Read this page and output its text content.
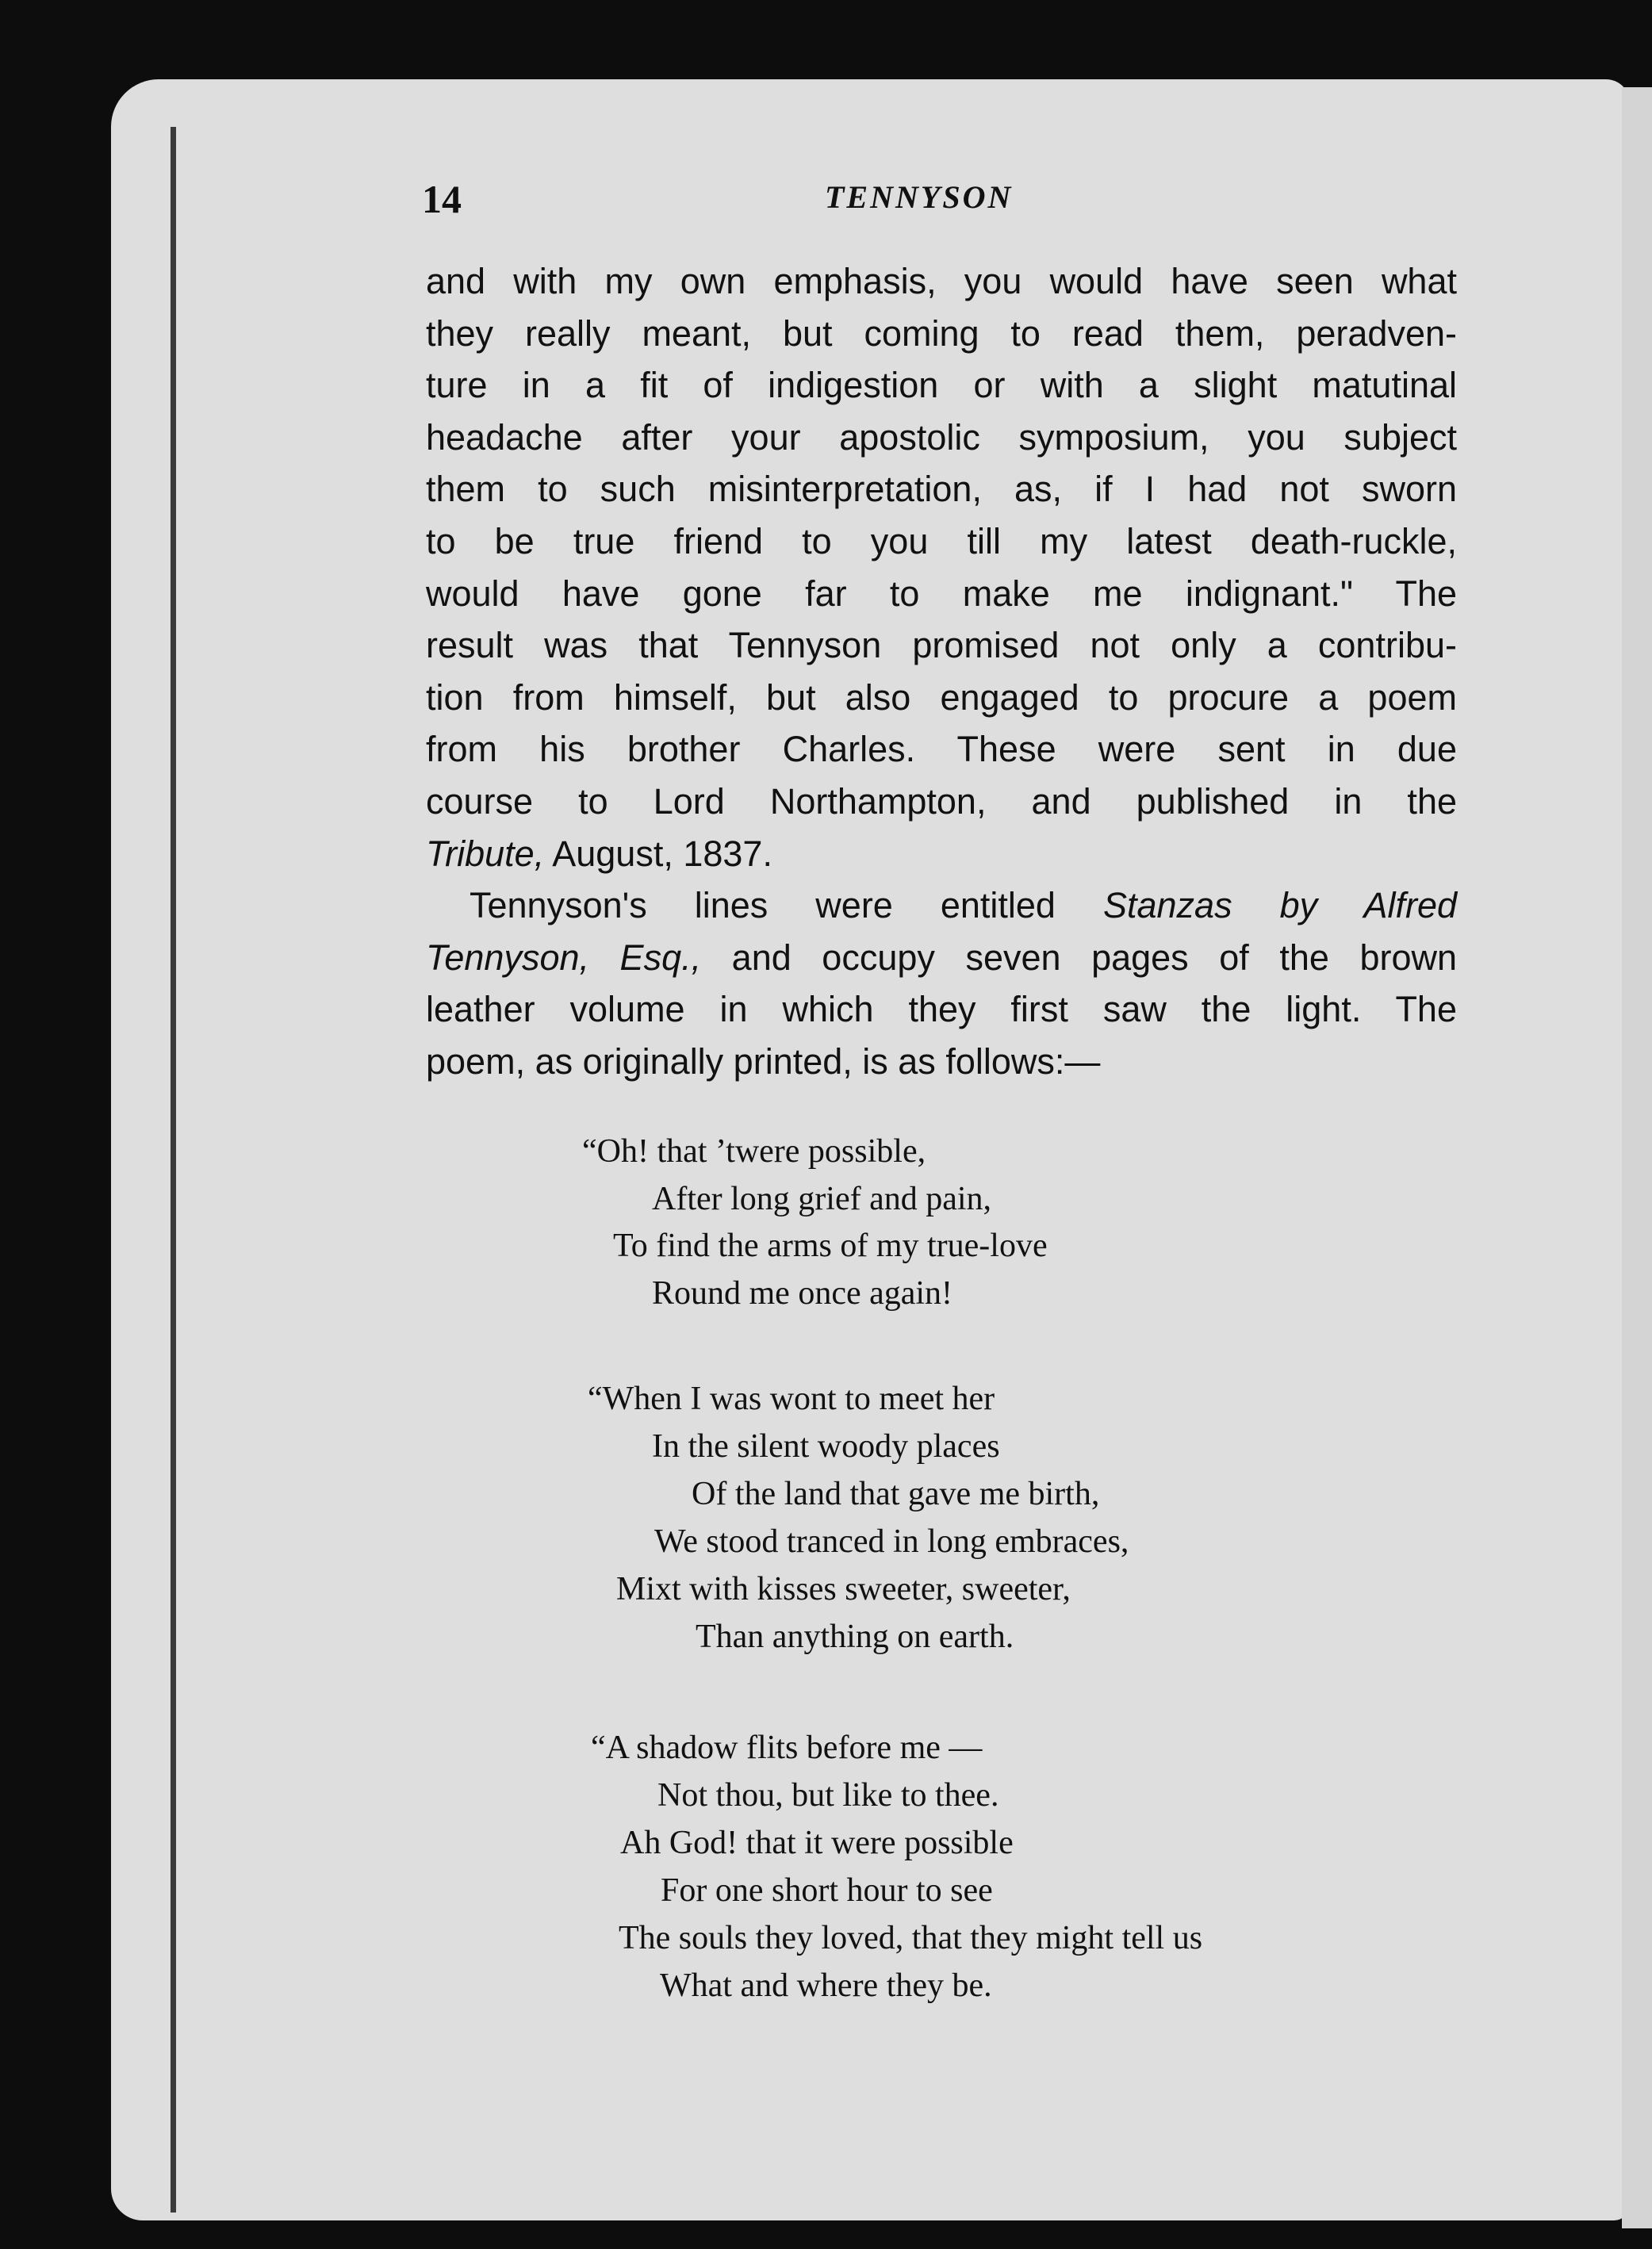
14	TENNYSON
and with my own emphasis, you would have seen what
they really meant, but coming to read them, peradven-
ture in a fit of indigestion or with a slight matutinal
headache after your apostolic symposium, you subject
them to such misinterpretation, as, if I had not sworn
to be true friend to you till my latest death-ruckle,
would have gone far to make me indignant." The
result was that Tennyson promised not only a contribu-
tion from himself, but also engaged to procure a poem
from his brother Charles. These were sent in due
course to Lord Northampton, and published in the
Tribute, August, 1837.
Tennyson's lines were entitled Stanzas by Alfred
Tennyson, Esq., and occupy seven pages of the brown
leather volume in which they first saw the light. The
poem, as originally printed, is as follows:—
“Oh! that ’twere possible,
After long grief and pain,
To find the arms of my true-love
Round me once again!
“When I was wont to meet her
In the silent woody places
Of the land that gave me birth,
We stood tranced in long embraces,
Mixt with kisses sweeter, sweeter,
Than anything on earth.
“A shadow flits before me —
Not thou, but like to thee.
Ah God! that it were possible
For one short hour to see
The souls they loved, that they might tell us
What and where they be.
